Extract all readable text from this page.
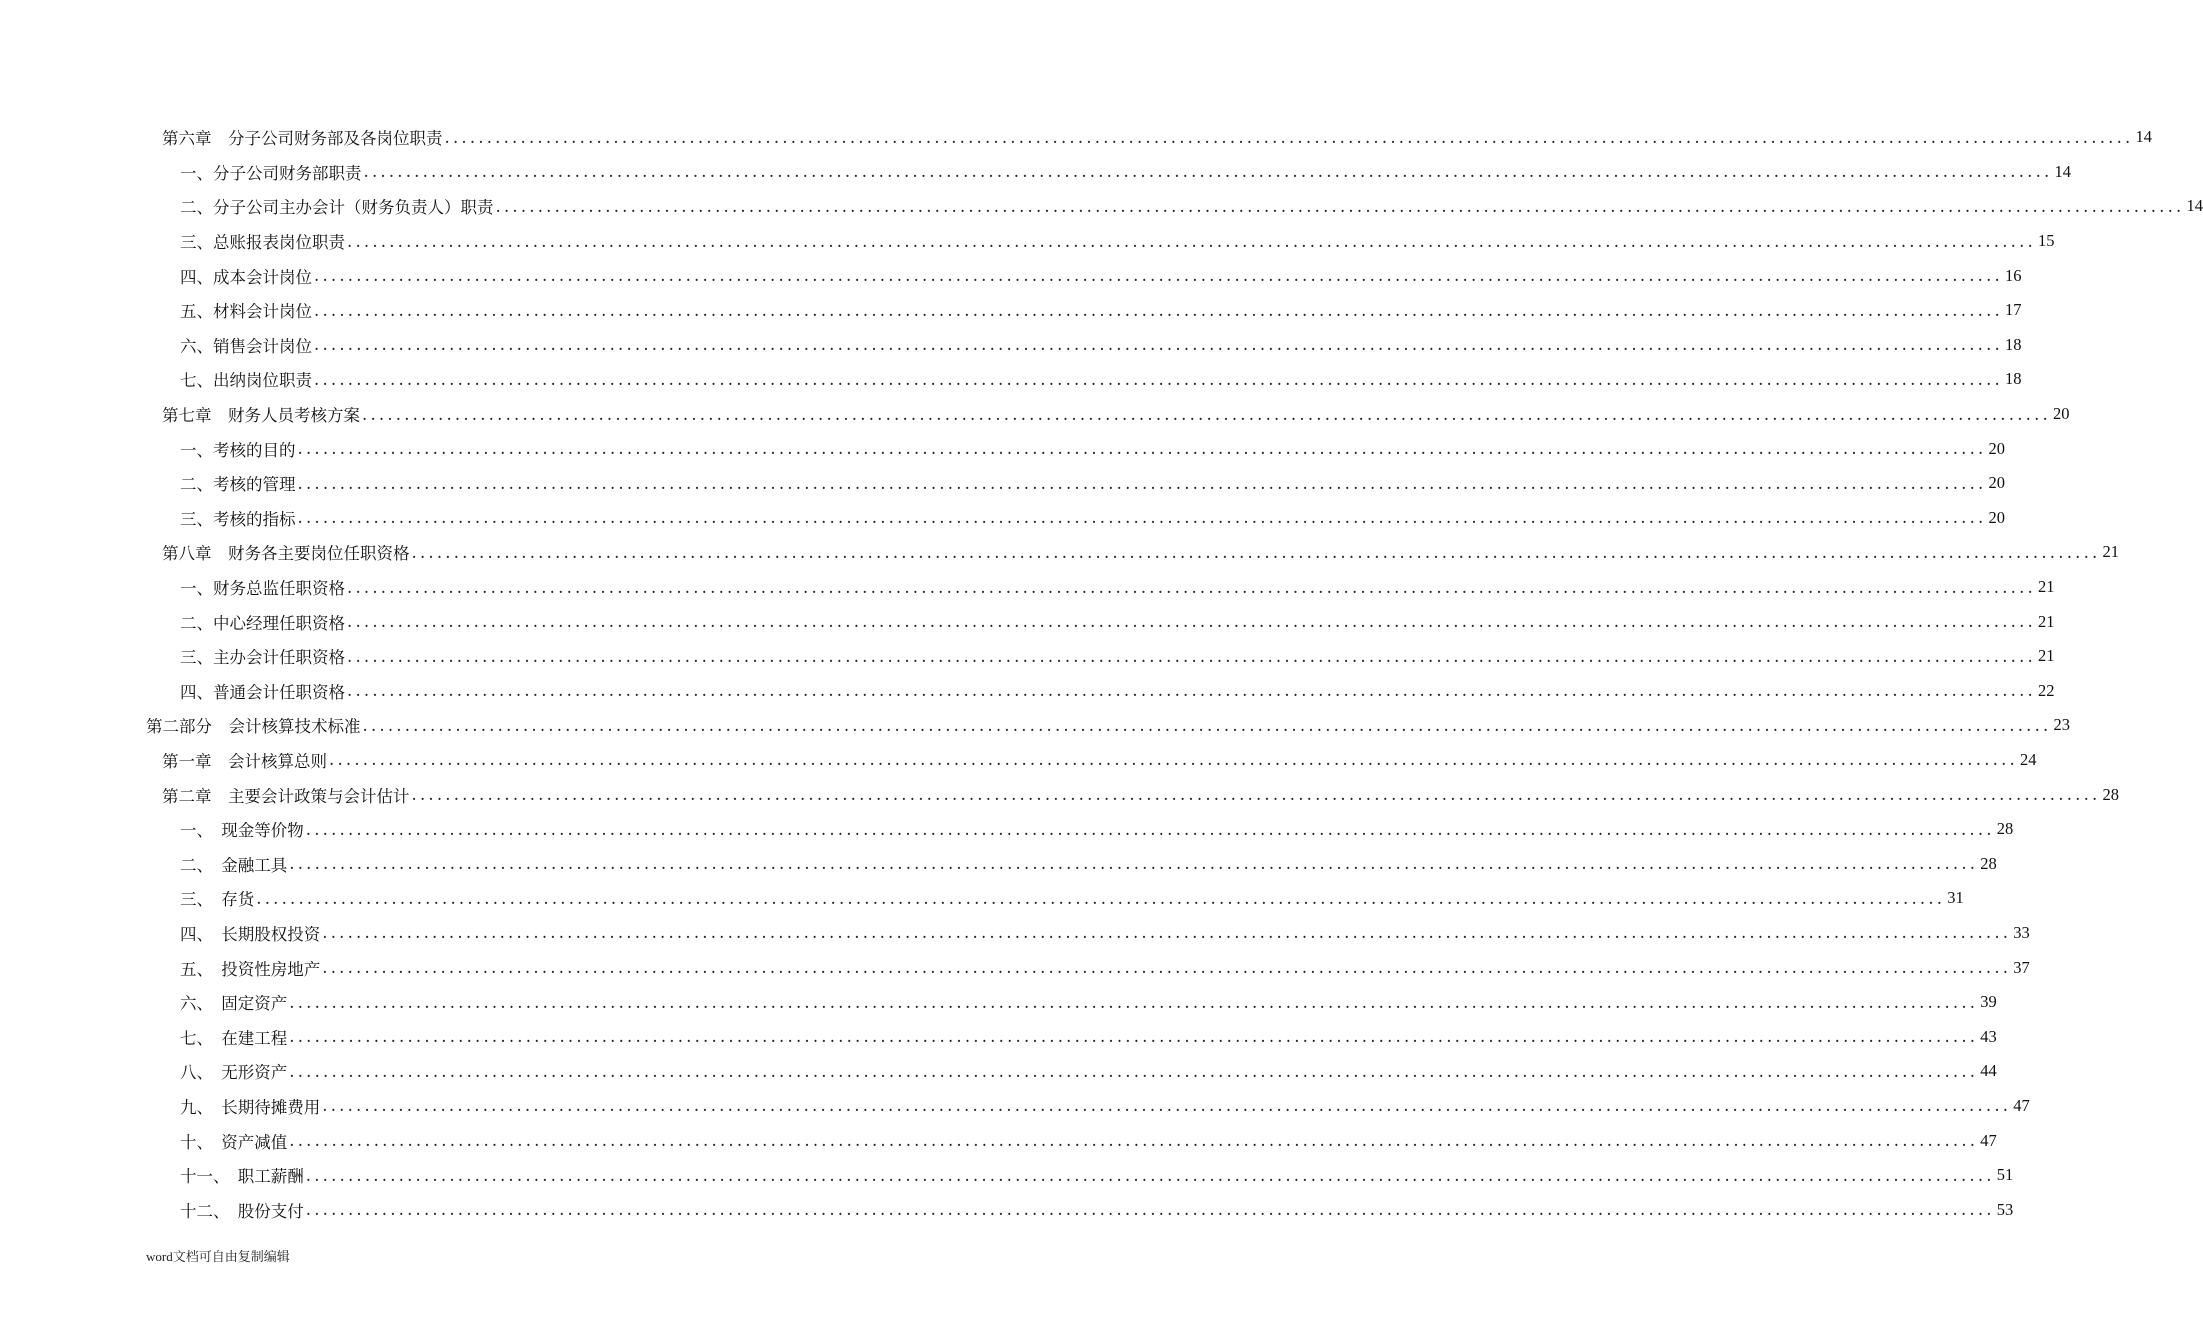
第六章　分子公司财务部及各岗位职责 ........................................................................................................................................................................................................ 14
一、分子公司财务部职责 ........................................................................................................................................................................................................ 14
二、分子公司主办会计（财务负责人）职责 ........................................................................................................................................................................................................ 14
三、总账报表岗位职责 ........................................................................................................................................................................................................ 15
四、成本会计岗位 ........................................................................................................................................................................................................ 16
五、材料会计岗位 ........................................................................................................................................................................................................ 17
六、销售会计岗位 ........................................................................................................................................................................................................ 18
七、出纳岗位职责 ........................................................................................................................................................................................................ 18
第七章　财务人员考核方案 ........................................................................................................................................................................................................ 20
一、考核的目的 ........................................................................................................................................................................................................ 20
二、考核的管理 ........................................................................................................................................................................................................ 20
三、考核的指标 ........................................................................................................................................................................................................ 20
第八章　财务各主要岗位任职资格 ........................................................................................................................................................................................................ 21
一、财务总监任职资格 ........................................................................................................................................................................................................ 21
二、中心经理任职资格 ........................................................................................................................................................................................................ 21
三、主办会计任职资格 ........................................................................................................................................................................................................ 21
四、普通会计任职资格 ........................................................................................................................................................................................................ 22
第二部分　会计核算技术标准 ........................................................................................................................................................................................................ 23
第一章　会计核算总则 ........................................................................................................................................................................................................ 24
第二章　主要会计政策与会计估计 ........................................................................................................................................................................................................ 28
一、　现金等价物 ........................................................................................................................................................................................................ 28
二、　金融工具 ........................................................................................................................................................................................................ 28
三、　存货 ........................................................................................................................................................................................................ 31
四、　长期股权投资 ........................................................................................................................................................................................................ 33
五、　投资性房地产 ........................................................................................................................................................................................................ 37
六、　固定资产 ........................................................................................................................................................................................................ 39
七、　在建工程 ........................................................................................................................................................................................................ 43
八、　无形资产 ........................................................................................................................................................................................................ 44
九、　长期待摊费用 ........................................................................................................................................................................................................ 47
十、　资产减值 ........................................................................................................................................................................................................ 47
十一、　职工薪酬 ........................................................................................................................................................................................................ 51
十二、　股份支付 ........................................................................................................................................................................................................ 53
word文档可自由复制编辑
